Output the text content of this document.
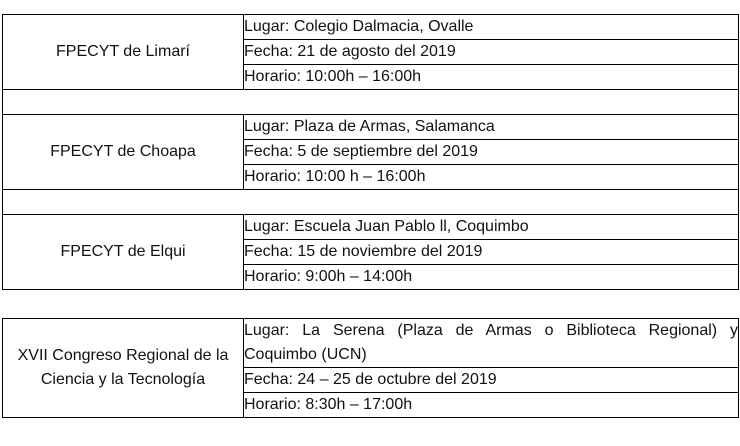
FPECYT de Limarí	Lugar: Colegio Dalmacia, Ovalle
	Fecha: 21 de agosto del 2019
	Horario: 10:00h – 16:00h

FPECYT de Choapa	Lugar: Plaza de Armas, Salamanca
	Fecha: 5 de septiembre del 2019
	Horario: 10:00 h – 16:00h

FPECYT de Elqui	Lugar: Escuela Juan Pablo ll, Coquimbo
	Fecha: 15 de noviembre del 2019
	Horario: 9:00h – 14:00h
XVII Congreso Regional de la Ciencia y la Tecnología	Lugar: La Serena (Plaza de Armas o Biblioteca Regional) y Coquimbo (UCN)
Fecha: 24 – 25 de octubre del 2019
Horario: 8:30h – 17:00h
